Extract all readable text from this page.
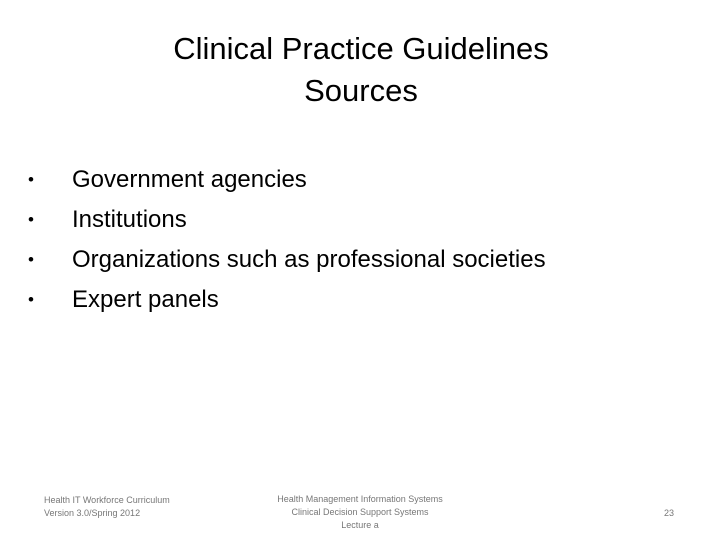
Clinical Practice Guidelines
Sources
• Government agencies
• Institutions
• Organizations such as professional societies
• Expert panels
Health IT Workforce Curriculum
Version 3.0/Spring 2012
Health Management Information Systems
Clinical Decision Support Systems
Lecture a
23
